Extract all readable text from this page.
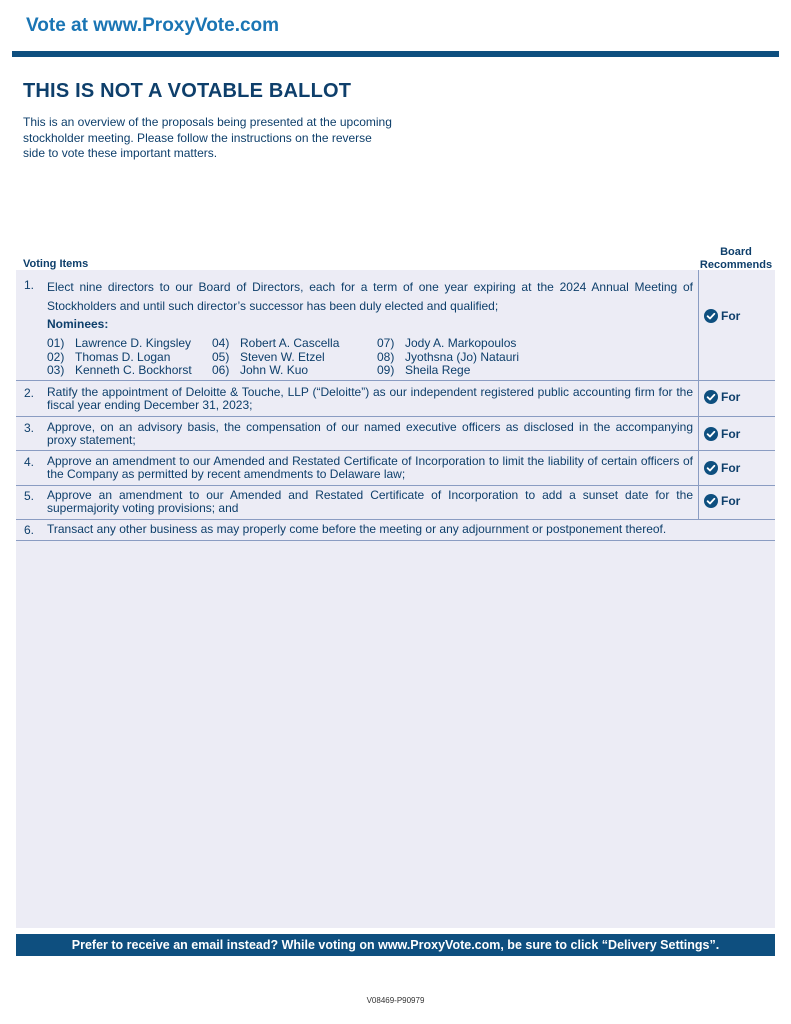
Vote at www.ProxyVote.com
THIS IS NOT A VOTABLE BALLOT
This is an overview of the proposals being presented at the upcoming stockholder meeting. Please follow the instructions on the reverse side to vote these important matters.
Board
Recommends
Voting Items
1. Elect nine directors to our Board of Directors, each for a term of one year expiring at the 2024 Annual Meeting of Stockholders and until such director’s successor has been duly elected and qualified;
Nominees:
01) Lawrence D. Kingsley	04) Robert A. Cascella	07) Jody A. Markopoulos
02) Thomas D. Logan	05) Steven W. Etzel	08) Jyothsna (Jo) Natauri
03) Kenneth C. Bockhorst	06) John W. Kuo	09) Sheila Rege
For
2. Ratify the appointment of Deloitte & Touche, LLP (“Deloitte”) as our independent registered public accounting firm for the fiscal year ending December 31, 2023;
For
3. Approve, on an advisory basis, the compensation of our named executive officers as disclosed in the accompanying proxy statement;	For
4. Approve an amendment to our Amended and Restated Certificate of Incorporation to limit the liability of certain officers of the Company as permitted by recent amendments to Delaware law;	For
5. Approve an amendment to our Amended and Restated Certificate of Incorporation to add a sunset date for the supermajority voting provisions; and	For
6. Transact any other business as may properly come before the meeting or any adjournment or postponement thereof.
Prefer to receive an email instead? While voting on www.ProxyVote.com, be sure to click “Delivery Settings”.
V08469-P90979
